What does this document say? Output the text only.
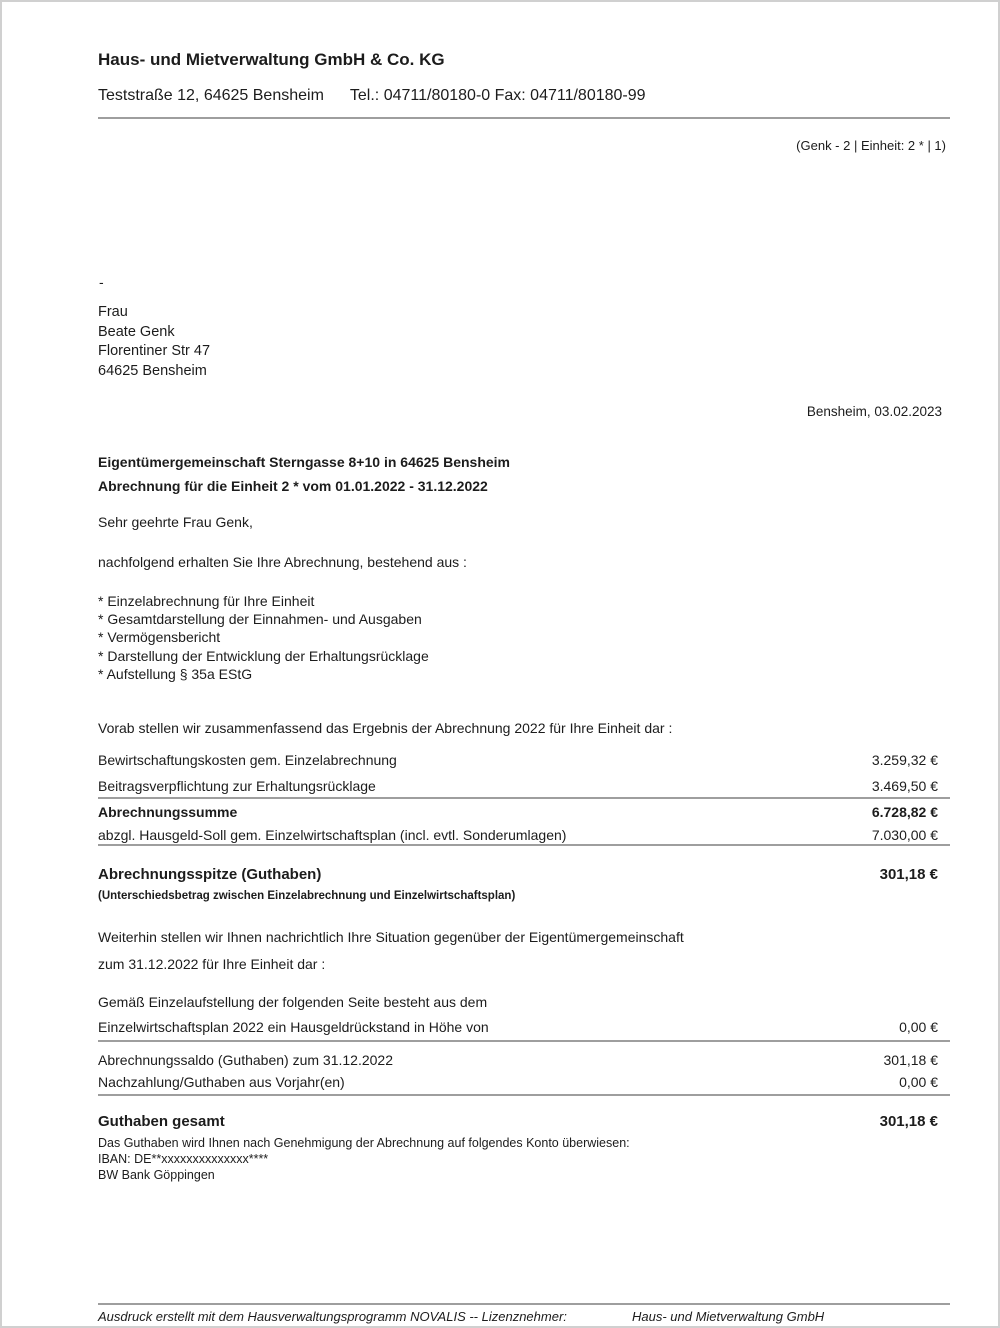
Haus- und Mietverwaltung GmbH & Co. KG
Teststraße 12, 64625 Bensheim Tel.: 04711/80180-0 Fax: 04711/80180-99
(Genk - 2 | Einheit: 2 * | 1)
-
Frau
Beate Genk
Florentiner Str 47
64625 Bensheim
Bensheim, 03.02.2023
Eigentümergemeinschaft Sterngasse 8+10 in 64625 Bensheim
Abrechnung für die Einheit 2 * vom 01.01.2022 - 31.12.2022
Sehr geehrte Frau Genk,
nachfolgend erhalten Sie Ihre Abrechnung, bestehend aus :
* Einzelabrechnung für Ihre Einheit
* Gesamtdarstellung der Einnahmen- und Ausgaben
* Vermögensbericht
* Darstellung der Entwicklung der Erhaltungsrücklage
* Aufstellung § 35a EStG
Vorab stellen wir zusammenfassend das Ergebnis der Abrechnung 2022 für Ihre Einheit dar :
Bewirtschaftungskosten gem. Einzelabrechnung	3.259,32 €
Beitragsverpflichtung zur Erhaltungsrücklage	3.469,50 €
Abrechnungssumme	6.728,82 €
abzgl. Hausgeld-Soll gem. Einzelwirtschaftsplan (incl. evtl. Sonderumlagen)	7.030,00 €
Abrechnungsspitze (Guthaben)	301,18 €
(Unterschiedsbetrag zwischen Einzelabrechnung und Einzelwirtschaftsplan)
Weiterhin stellen wir Ihnen nachrichtlich Ihre Situation gegenüber der Eigentümergemeinschaft
zum 31.12.2022 für Ihre Einheit dar :
Gemäß Einzelaufstellung der folgenden Seite besteht aus dem
Einzelwirtschaftsplan 2022 ein Hausgeldrückstand in Höhe von	0,00 €
Abrechnungssaldo (Guthaben) zum 31.12.2022	301,18 €
Nachzahlung/Guthaben aus Vorjahr(en)	0,00 €
Guthaben gesamt	301,18 €
Das Guthaben wird Ihnen nach Genehmigung der Abrechnung auf folgendes Konto überwiesen:
IBAN: DE**xxxxxxxxxxxxxx****
BW Bank Göppingen
Ausdruck erstellt mit dem Hausverwaltungsprogramm NOVALIS -- Lizenznehmer:	Haus- und Mietverwaltung GmbH
